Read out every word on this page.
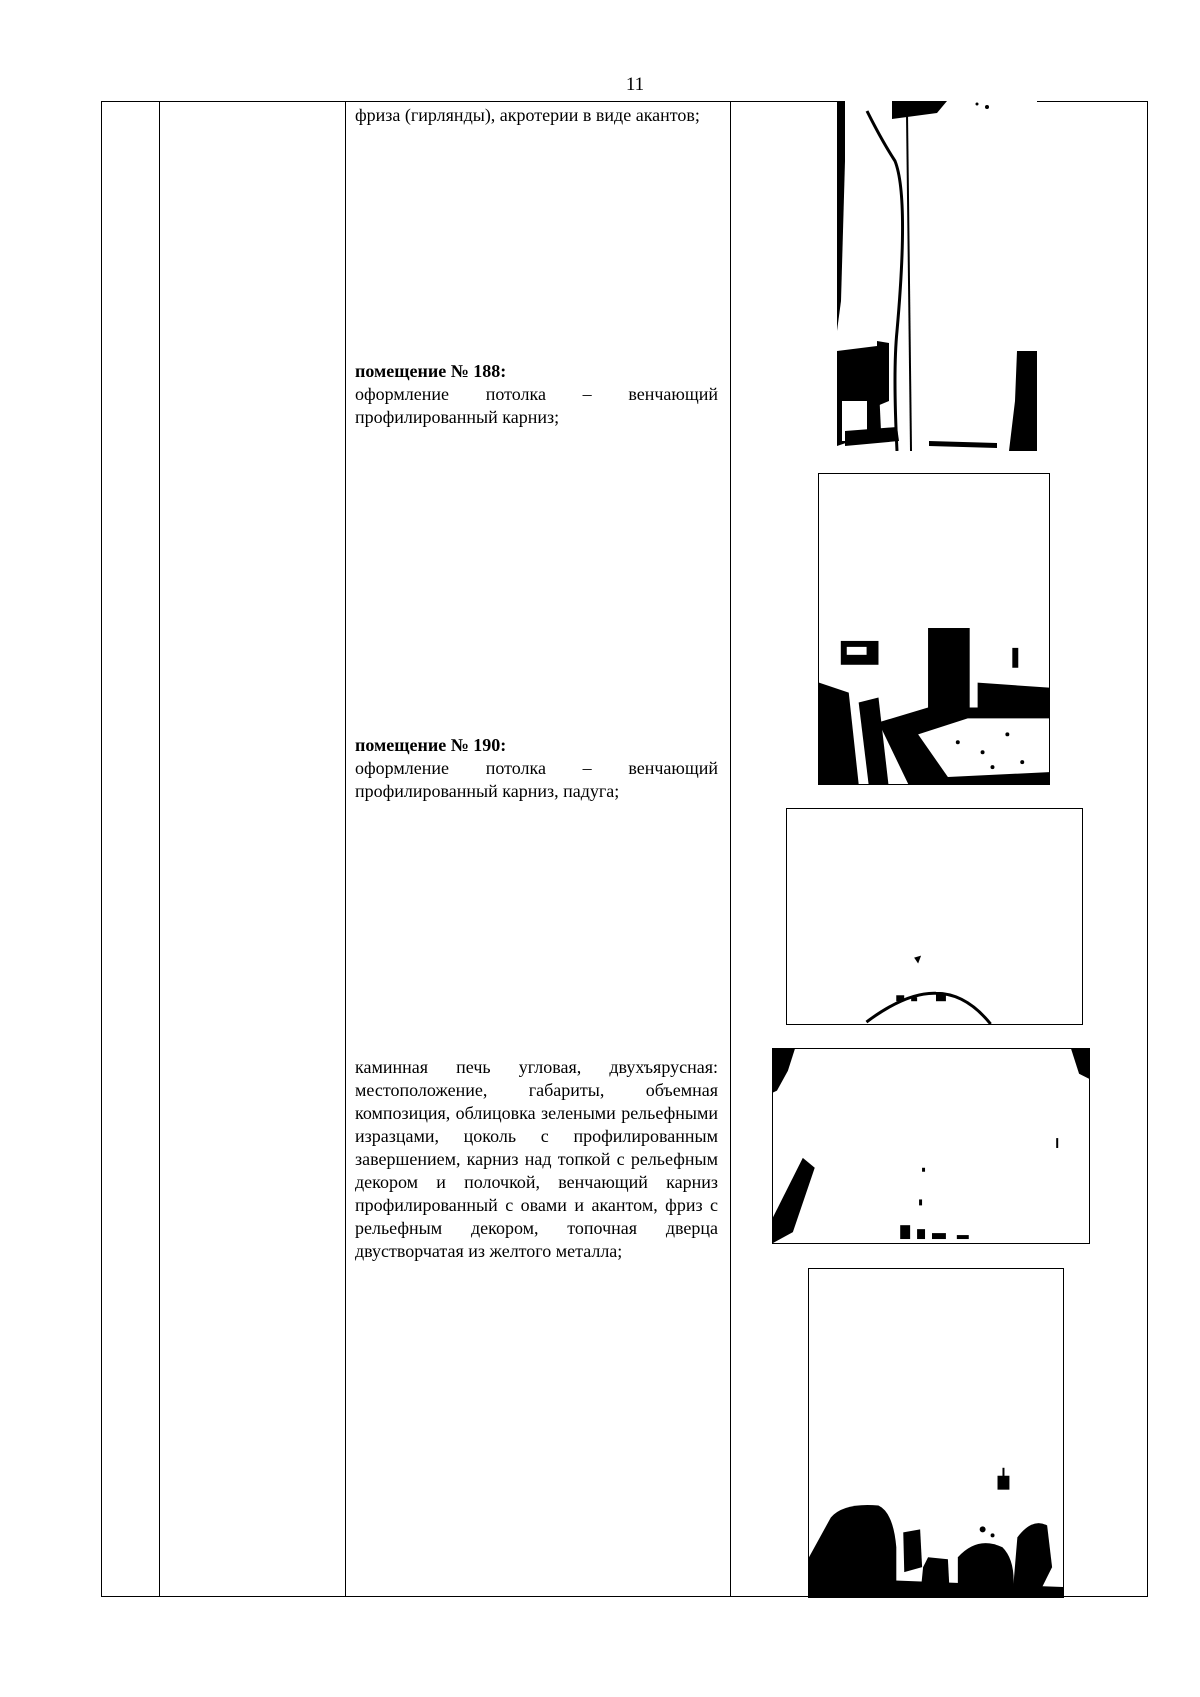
11
фриза (гирлянды), акротерии в виде акантов;
помещение № 188:
оформление потолка – венчающий профилированный карниз;
помещение № 190:
оформление потолка – венчающий профилированный карниз, падуга;
каминная печь угловая, двухъярусная: местоположение, габариты, объемная композиция, облицовка зелеными рельефными изразцами, цоколь с профилированным завершением, карниз над топкой с рельефным декором и полочкой, венчающий карниз профилированный с овами и акантом, фриз с рельефным декором, топочная дверца двустворчатая из желтого металла;
